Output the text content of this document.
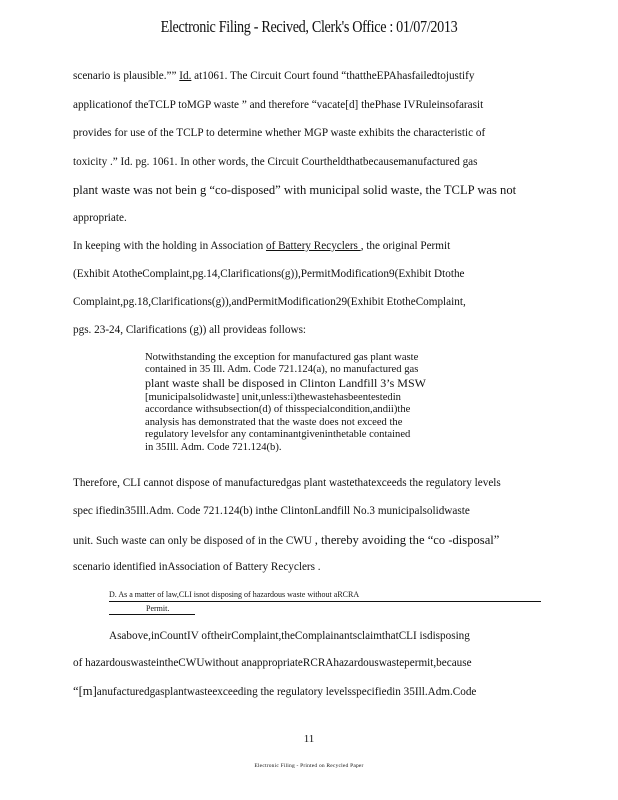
Electronic Filing - Recived, Clerk's Office : 01/07/2013
scenario is plausible.”” Id. at1061. The Circuit Court found “thattheEPAhasfailedtojustify
applicationof theTCLP toMGP waste ” and therefore “vacate[d] thePhase IVRuleinsofarasit
provides for use of the TCLP to determine whether MGP waste exhibits the characteristic of
toxicity .” Id. pg. 1061. In other words, the Circuit Courtheldthatbecausemanufactured gas
plant waste was not bein g “co-disposed” with municipal solid waste, the TCLP was not
appropriate.
In keeping with the holding in Association of Battery Recyclers , the original Permit
(Exhibit AtotheComplaint,pg.14,Clarifications(g)),PermitModification9(Exhibit Dtothe
Complaint,pg.18,Clarifications(g)),andPermitModification29(Exhibit EtotheComplaint,
pgs. 23-24, Clarifications (g)) all provideas follows:
Notwithstanding the exception for manufactured gas plant waste
contained in 35 Ill. Adm. Code 721.124(a), no manufactured gas
plant waste shall be disposed in Clinton Landfill 3’s MSW
[municipalsolidwaste] unit,unless:i)thewastehasbeentestedin
accordance withsubsection(d) of thisspecialcondition,andii)the
analysis has demonstrated that the waste does not exceed the
regulatory levelsfor any contaminantgiveninthetable contained
in 35Ill. Adm. Code 721.124(b).
Therefore, CLI cannot dispose of manufacturedgas plant wastethatexceeds the regulatory levels
spec ifiedin35Ill.Adm. Code 721.124(b) inthe ClintonLandfill No.3 municipalsolidwaste
unit. Such waste can only be disposed of in the CWU , thereby avoiding the “co -disposal”
scenario identified inAssociation of Battery Recyclers .
D. As a matter of law,CLI isnot disposing of hazardous waste without aRCRA
Permit.
Asabove,inCountIV oftheirComplaint,theComplainantsclaimthatCLI isdisposing
of hazardouswasteintheCWUwithout anappropriateRCRAhazardouswastepermit,because
“[m]anufacturedgasplantwasteexceeding the regulatory levelsspecifiedin 35Ill.Adm.Code
11
Electronic Filing - Printed on Recycled Paper
